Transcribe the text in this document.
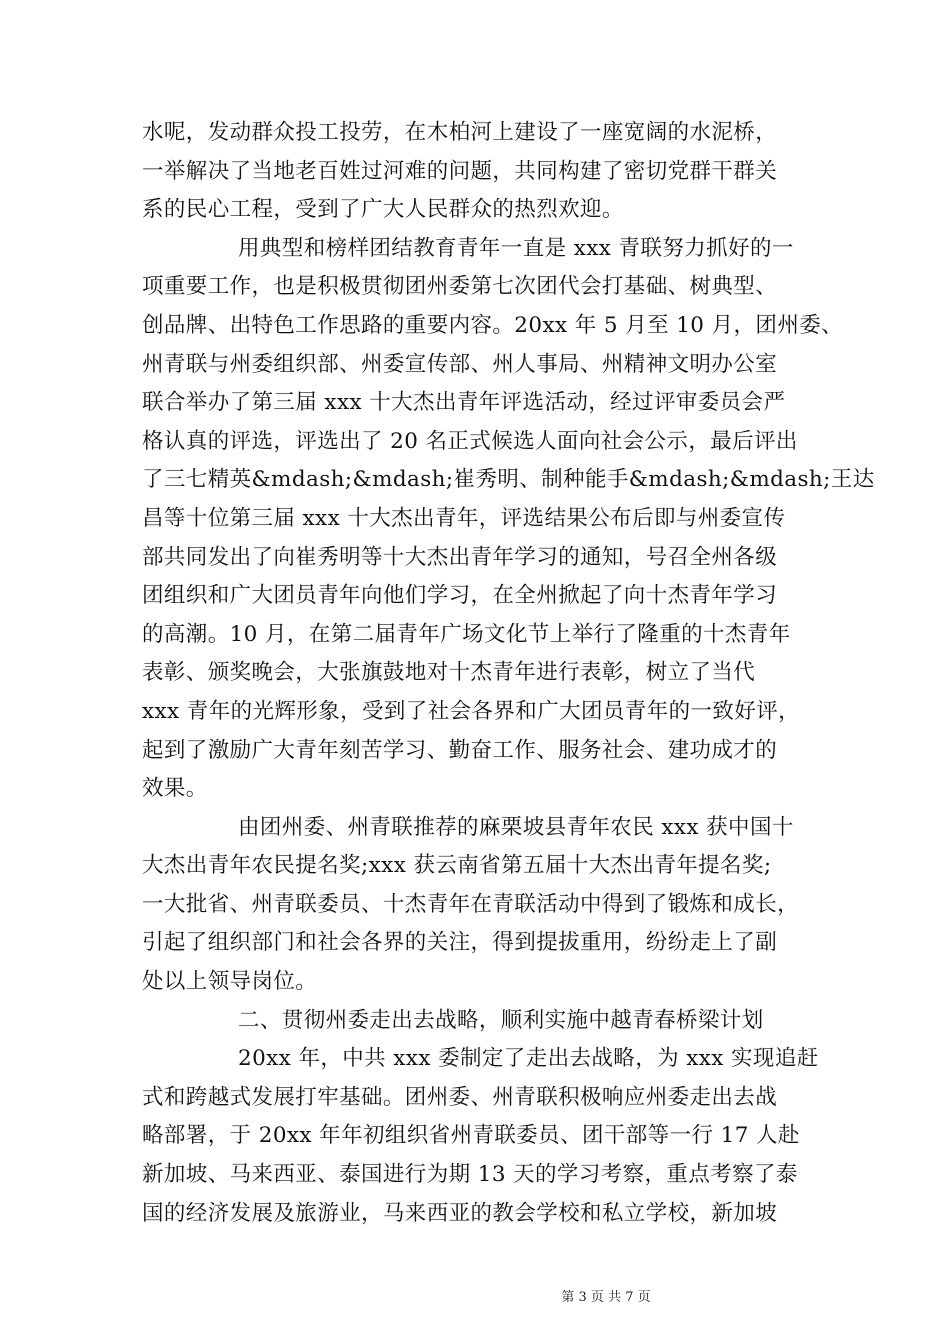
水呢，发动群众投工投劳，在木柏河上建设了一座宽阔的水泥桥，
一举解决了当地老百姓过河难的问题，共同构建了密切党群干群关
系的民心工程，受到了广大人民群众的热烈欢迎。
用典型和榜样团结教育青年一直是 xxx 青联努力抓好的一
项重要工作，也是积极贯彻团州委第七次团代会打基础、树典型、
创品牌、出特色工作思路的重要内容。20xx 年 5 月至 10 月，团州委、
州青联与州委组织部、州委宣传部、州人事局、州精神文明办公室
联合举办了第三届 xxx 十大杰出青年评选活动，经过评审委员会严
格认真的评选，评选出了 20 名正式候选人面向社会公示，最后评出
了三七精英&mdash;&mdash;崔秀明、制种能手&mdash;&mdash;王达
昌等十位第三届 xxx 十大杰出青年，评选结果公布后即与州委宣传
部共同发出了向崔秀明等十大杰出青年学习的通知，号召全州各级
团组织和广大团员青年向他们学习，在全州掀起了向十杰青年学习
的高潮。10 月，在第二届青年广场文化节上举行了隆重的十杰青年
表彰、颁奖晚会，大张旗鼓地对十杰青年进行表彰，树立了当代
xxx 青年的光辉形象，受到了社会各界和广大团员青年的一致好评，
起到了激励广大青年刻苦学习、勤奋工作、服务社会、建功成才的
效果。
由团州委、州青联推荐的麻栗坡县青年农民 xxx 获中国十
大杰出青年农民提名奖;xxx 获云南省第五届十大杰出青年提名奖;
一大批省、州青联委员、十杰青年在青联活动中得到了锻炼和成长，
引起了组织部门和社会各界的关注，得到提拔重用，纷纷走上了副
处以上领导岗位。
二、贯彻州委走出去战略，顺利实施中越青春桥梁计划
20xx 年，中共 xxx 委制定了走出去战略，为 xxx 实现追赶
式和跨越式发展打牢基础。团州委、州青联积极响应州委走出去战
略部署，于 20xx 年年初组织省州青联委员、团干部等一行 17 人赴
新加坡、马来西亚、泰国进行为期 13 天的学习考察，重点考察了泰
国的经济发展及旅游业，马来西亚的教会学校和私立学校，新加坡
第 3 页 共 7 页
